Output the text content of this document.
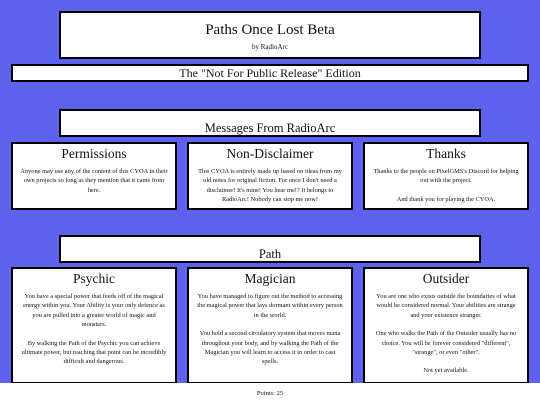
Paths Once Lost Beta
by RadioArc
The "Not For Public Release" Edition
Messages From RadioArc
Permissions

Anyone may use any of the content of this CYOA in their own projects so long as they mention that it came from here.

Non-Disclaimer

This CYOA is entirely made up based on ideas from my old notes for original fiction. For once I don't need a disclaimer! It's mine! You hear me!? It belongs to RadioArc! Nobody can stop me now!

Thanks

Thanks to the people on PixelGMS's Discord for helping out with the project.

And thank you for playing the CYOA.

Path
Psychic

You have a special power that feeds off of the magical energy within you. Your Ability is your only defence as you are pulled into a greater world of magic and monsters.

By walking the Path of the Psychic you can achieve ultimate power, but reaching that point can be incredibly difficult and dangerous.

Magician

You have managed to figure out the method to accessing the magical power that lays dormant within every person in the world.

You hold a second circulatory system that moves mana throughout your body, and by walking the Path of the Magician you will learn to access it in order to cast spells.

Outsider

You are one who exists outside the boundaries of what would be considered normal. Your abilities are strange and your existence stranger.

One who walks the Path of the Outsider usually has no choice. You will be forever considered "different", "strange", or even "other".

Not yet available.

Points: 25
